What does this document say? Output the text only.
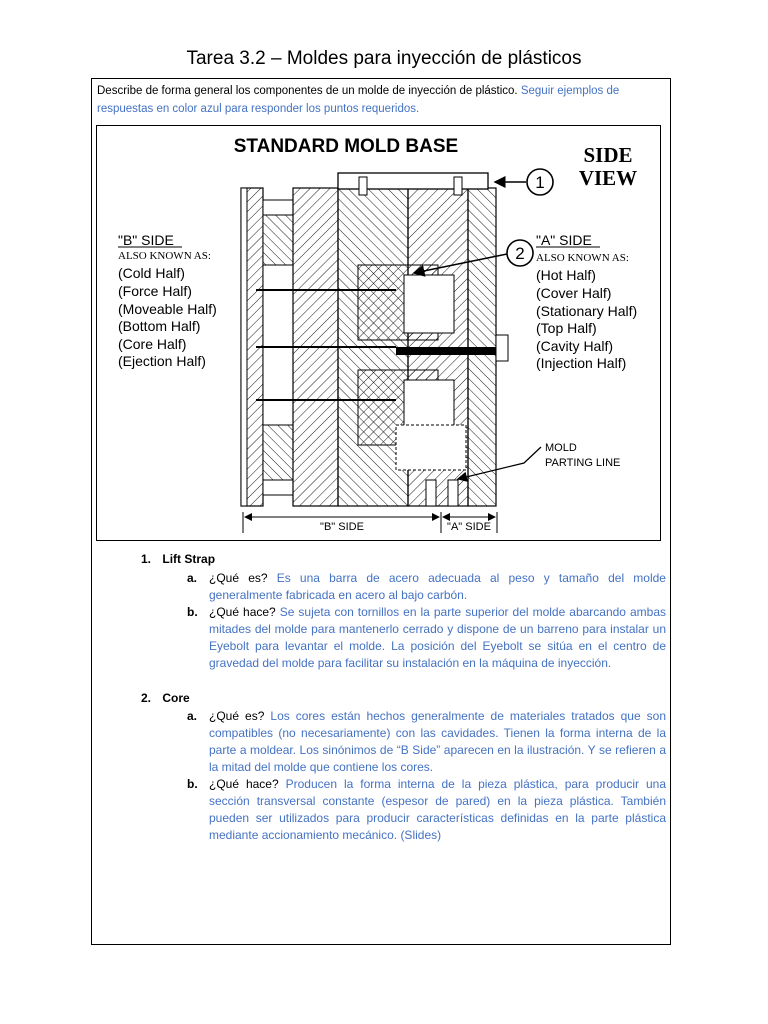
Tarea 3.2 – Moldes para inyección de plásticos
Describe de forma general los componentes de un molde de inyección de plástico. Seguir ejemplos de respuestas en color azul para responder los puntos requeridos.
STANDARD MOLD BASE	SIDE
VIEW
"B" SIDE
ALSO KNOWN AS:
(Cold Half)
(Force Half)
(Moveable Half)
(Bottom Half)
(Core Half)
(Ejection Half)
"A" SIDE
ALSO KNOWN AS:
(Hot Half)
(Cover Half)
(Stationary Half)
(Top Half)
(Cavity Half)
(Injection Half)
1
2
MOLD
PARTING LINE
"B" SIDE	"A" SIDE
1. Lift Strap
a. ¿Qué es? Es una barra de acero adecuada al peso y tamaño del molde generalmente fabricada en acero al bajo carbón.
b. ¿Qué hace? Se sujeta con tornillos en la parte superior del molde abarcando ambas mitades del molde para mantenerlo cerrado y dispone de un barreno para instalar un Eyebolt para levantar el molde. La posición del Eyebolt se sitúa en el centro de gravedad del molde para facilitar su instalación en la máquina de inyección.
2. Core
a. ¿Qué es? Los cores están hechos generalmente de materiales tratados que son compatibles (no necesariamente) con las cavidades. Tienen la forma interna de la parte a moldear. Los sinónimos de “B Side” aparecen en la ilustración. Y se refieren a la mitad del molde que contiene los cores.
b. ¿Qué hace? Producen la forma interna de la pieza plástica, para producir una sección transversal constante (espesor de pared) en la pieza plástica. También pueden ser utilizados para producir características definidas en la parte plástica mediante accionamiento mecánico. (Slides)
